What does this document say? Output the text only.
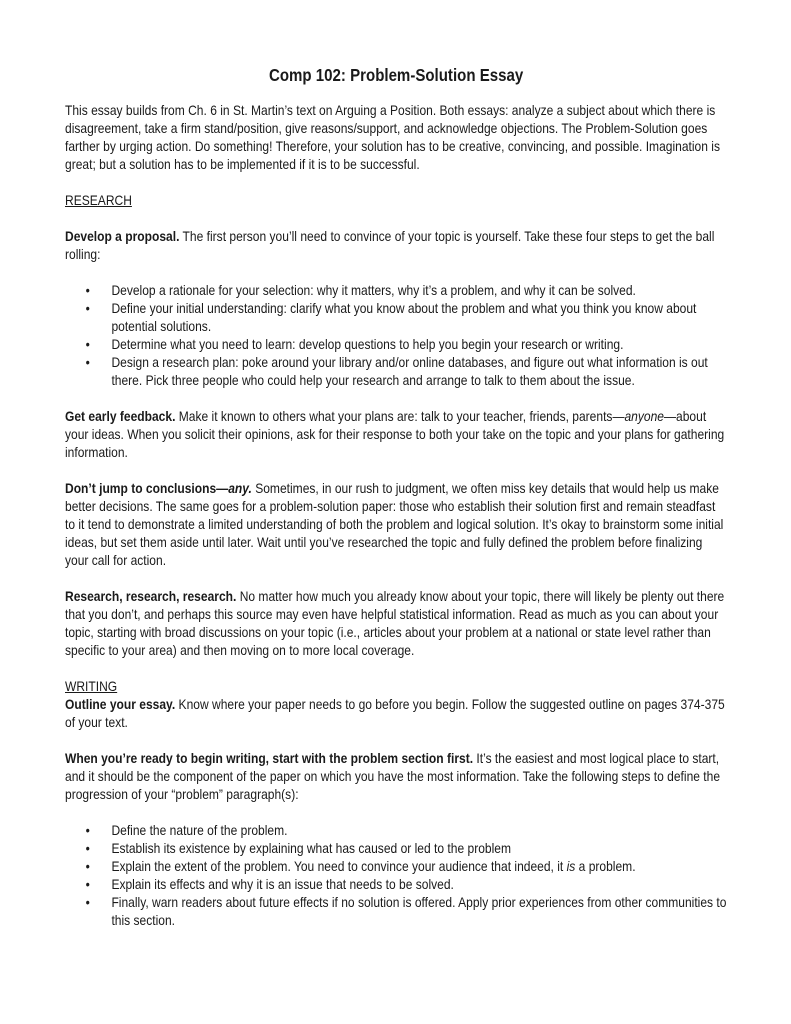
Comp 102: Problem-Solution Essay

This essay builds from Ch. 6 in St. Martin’s text on Arguing a Position. Both essays: analyze a subject about which there is disagreement, take a firm stand/position, give reasons/support, and acknowledge objections. The Problem-Solution goes farther by urging action. Do something! Therefore, your solution has to be creative, convincing, and possible. Imagination is great; but a solution has to be implemented if it is to be successful.

RESEARCH

Develop a proposal. The first person you’ll need to convince of your topic is yourself. Take these four steps to get the ball rolling:

• Develop a rationale for your selection: why it matters, why it’s a problem, and why it can be solved.
• Define your initial understanding: clarify what you know about the problem and what you think you know about potential solutions.
• Determine what you need to learn: develop questions to help you begin your research or writing.
• Design a research plan: poke around your library and/or online databases, and figure out what information is out there. Pick three people who could help your research and arrange to talk to them about the issue.

Get early feedback. Make it known to others what your plans are: talk to your teacher, friends, parents—anyone—about your ideas. When you solicit their opinions, ask for their response to both your take on the topic and your plans for gathering information.

Don’t jump to conclusions—any. Sometimes, in our rush to judgment, we often miss key details that would help us make better decisions. The same goes for a problem-solution paper: those who establish their solution first and remain steadfast to it tend to demonstrate a limited understanding of both the problem and logical solution. It’s okay to brainstorm some initial ideas, but set them aside until later. Wait until you’ve researched the topic and fully defined the problem before finalizing your call for action.

Research, research, research. No matter how much you already know about your topic, there will likely be plenty out there that you don’t, and perhaps this source may even have helpful statistical information. Read as much as you can about your topic, starting with broad discussions on your topic (i.e., articles about your problem at a national or state level rather than specific to your area) and then moving on to more local coverage.

WRITING

Outline your essay. Know where your paper needs to go before you begin. Follow the suggested outline on pages 374-375 of your text.

When you’re ready to begin writing, start with the problem section first. It’s the easiest and most logical place to start, and it should be the component of the paper on which you have the most information. Take the following steps to define the progression of your “problem” paragraph(s):

• Define the nature of the problem.
• Establish its existence by explaining what has caused or led to the problem
• Explain the extent of the problem. You need to convince your audience that indeed, it is a problem.
• Explain its effects and why it is an issue that needs to be solved.
• Finally, warn readers about future effects if no solution is offered. Apply prior experiences from other communities to this section.
